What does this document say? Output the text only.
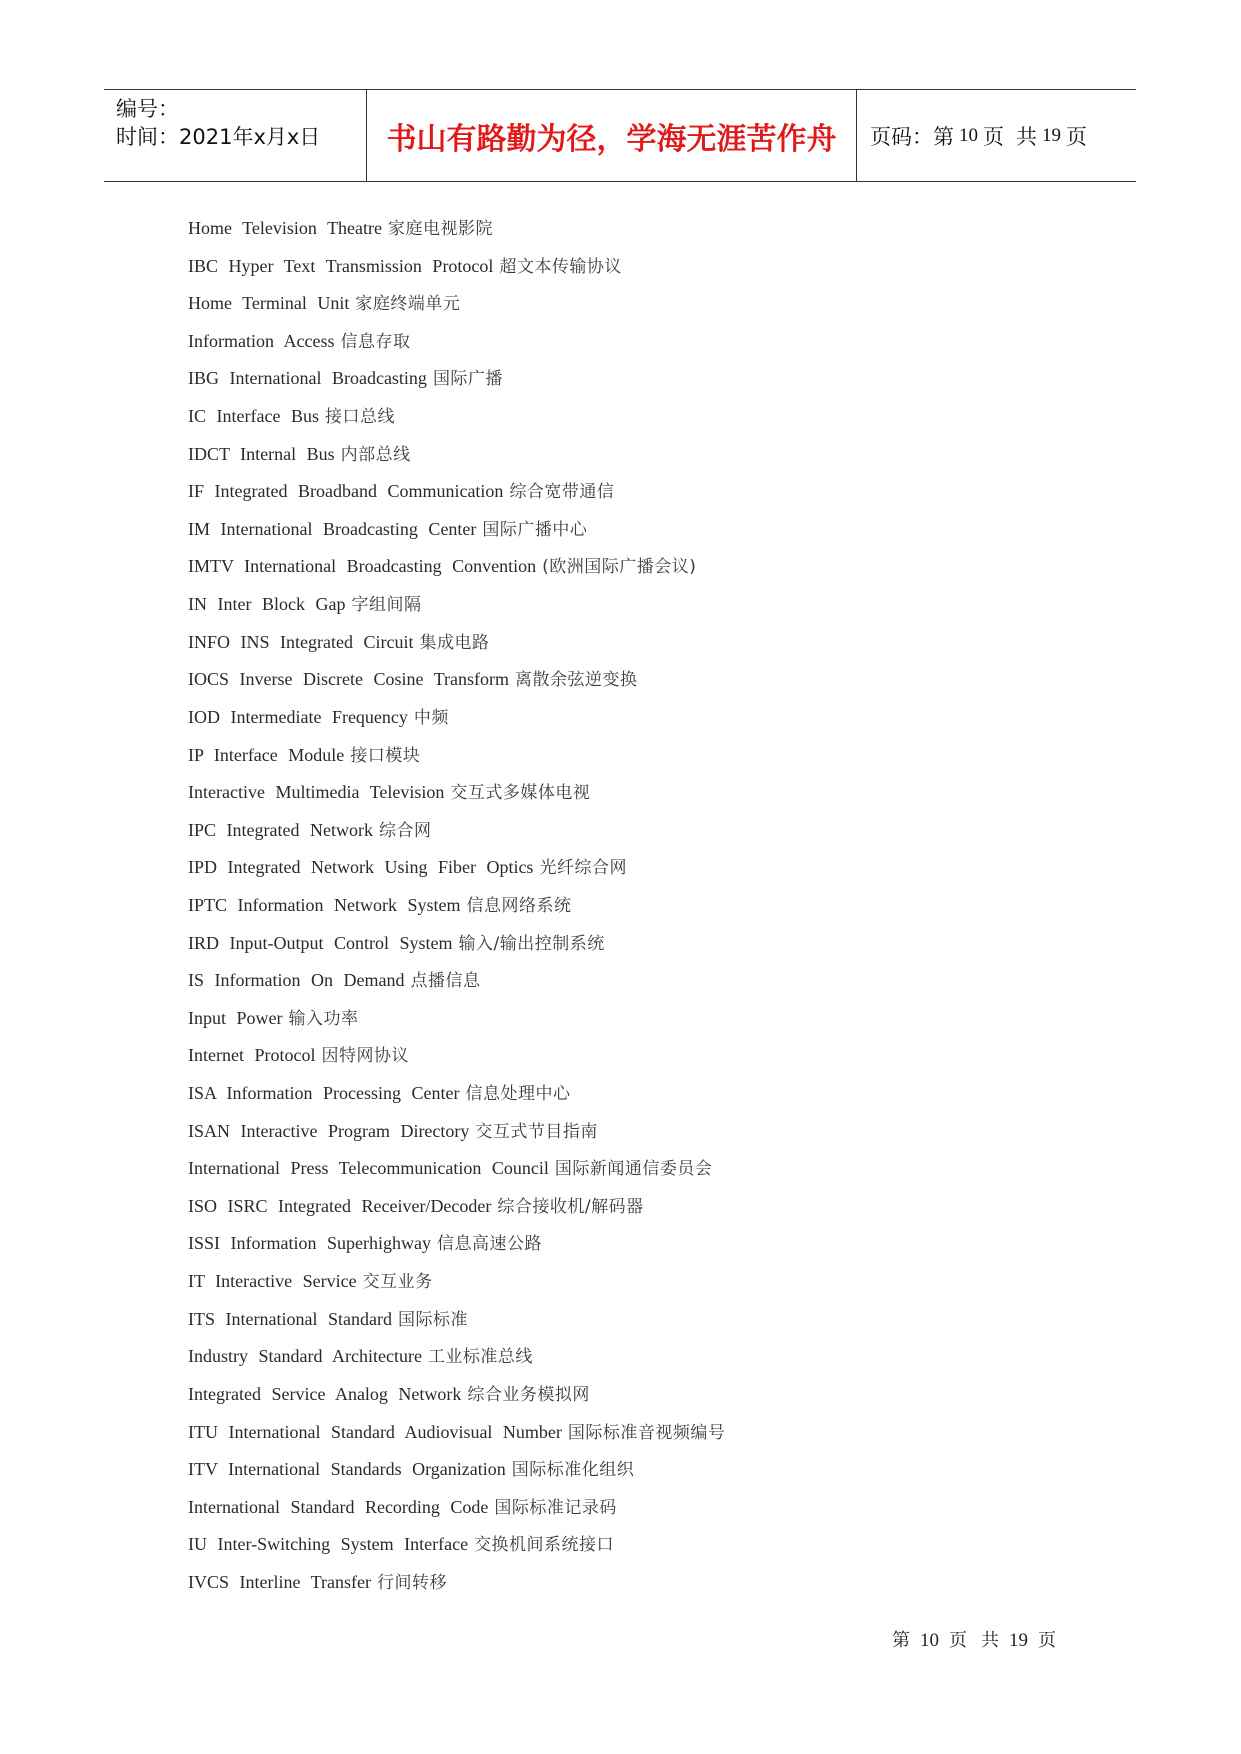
编号：
时间：2021年x月x日 书山有路勤为径，学海无涯苦作舟 页码：第 10 页 共 19 页
Home Television Theatre 家庭电视影院
IBC Hyper Text Transmission Protocol 超文本传输协议
Home Terminal Unit 家庭终端单元
Information Access 信息存取
IBG International Broadcasting 国际广播
IC Interface Bus 接口总线
IDCT Internal Bus 内部总线
IF Integrated Broadband Communication 综合宽带通信
IM International Broadcasting Center 国际广播中心
IMTV International Broadcasting Convention (欧洲国际广播会议)
IN Inter Block Gap 字组间隔
INFO INS Integrated Circuit 集成电路
IOCS Inverse Discrete Cosine Transform 离散余弦逆变换
IOD Intermediate Frequency 中频
IP Interface Module 接口模块
Interactive Multimedia Television 交互式多媒体电视
IPC Integrated Network 综合网
IPD Integrated Network Using Fiber Optics 光纤综合网
IPTC Information Network System 信息网络系统
IRD Input-Output Control System 输入/输出控制系统
IS Information On Demand 点播信息
Input Power 输入功率
Internet Protocol 因特网协议
ISA Information Processing Center 信息处理中心
ISAN Interactive Program Directory 交互式节目指南
International Press Telecommunication Council 国际新闻通信委员会
ISO ISRC Integrated Receiver/Decoder 综合接收机/解码器
ISSI Information Superhighway 信息高速公路
IT Interactive Service 交互业务
ITS International Standard 国际标准
Industry Standard Architecture 工业标准总线
Integrated Service Analog Network 综合业务模拟网
ITU International Standard Audiovisual Number 国际标准音视频编号
ITV International Standards Organization 国际标准化组织
International Standard Recording Code 国际标准记录码
IU Inter-Switching System Interface 交换机间系统接口
IVCS Interline Transfer 行间转移
第 10 页 共 19 页
